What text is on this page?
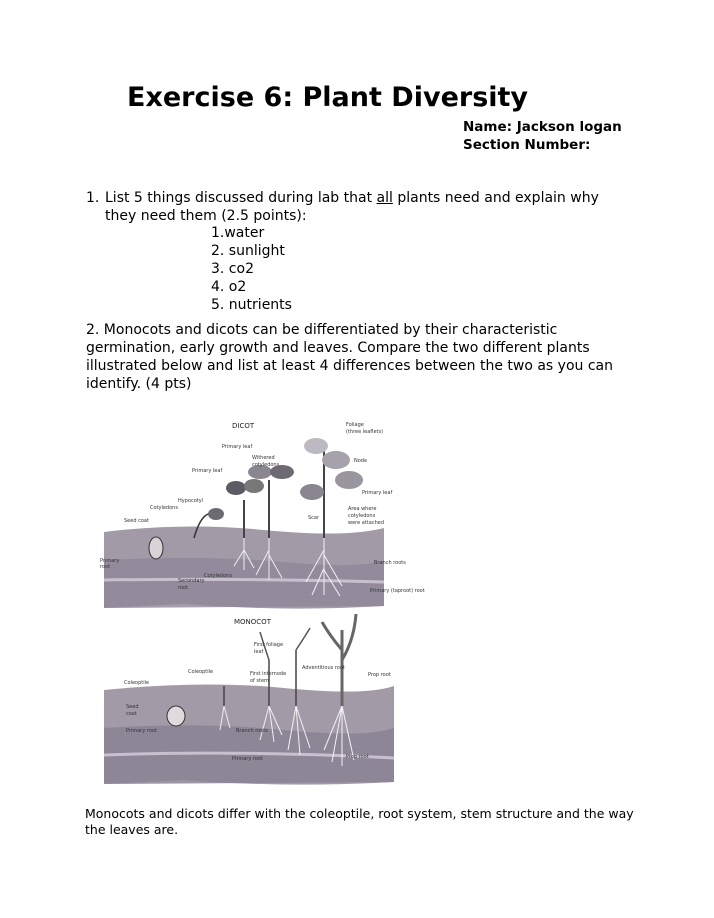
Exercise 6: Plant Diversity
Name: Jackson logan
Section Number:
1. List 5 things discussed during lab that all plants need and explain why they need them (2.5 points):
1.water
2. sunlight
3. co2
4. o2
5. nutrients
2. Monocots and dicots can be differentiated by their characteristic germination, early growth and leaves. Compare the two different plants illustrated below and list at least 4 differences between the two as you can identify. (4 pts)
DICOT
MONOCOT
Foliage
(three leaflets)
Primary leaf
Withered
cotyledons
Node
Primary leaf
Hypocotyl
Primary leaf
Cotyledons
Seed coat	Scar
Area where
cotyledons
were attached
Primary
root
Secondary
root
Cotyledons
Branch roots
Primary (taproot) root
First foliage
leaf
Coleoptile	First internode
of stem
Adventitious root
Prop root
Coleoptile
Seed
coat
Primary root	Branch roots
Primary root	Prop root
Monocots and dicots differ with the coleoptile, root system, stem structure and the way the leaves are.
